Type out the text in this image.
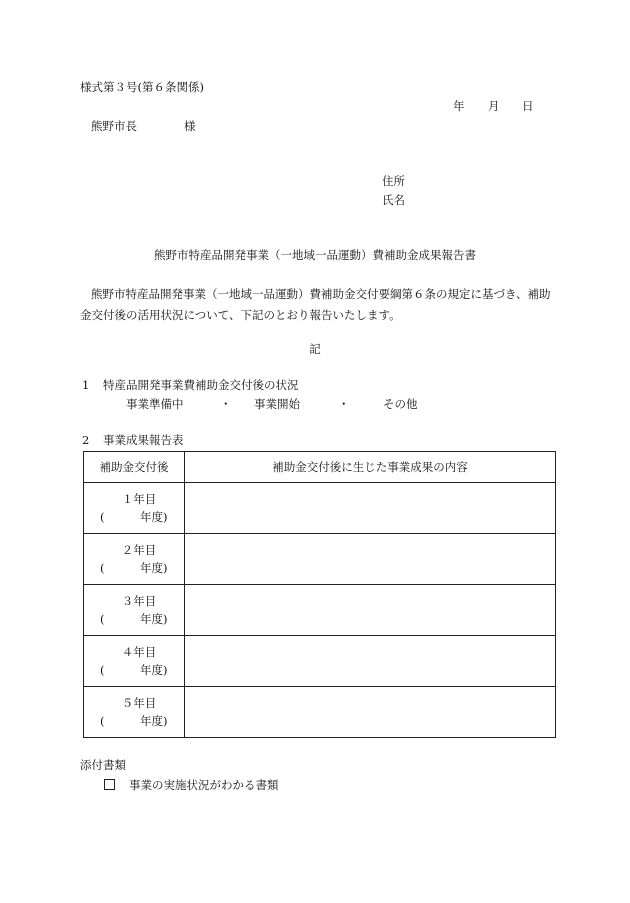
様式第３号(第６条関係)
年 月 日
熊野市長	様
住所
氏名
熊野市特産品開発事業（一地域一品運動）費補助金成果報告書
熊野市特産品開発事業（一地域一品運動）費補助金交付要綱第６条の規定に基づき、補助金交付後の活用状況について、下記のとおり報告いたします。
記
1 特産品開発事業費補助金交付後の状況
事業準備中	・ 事業開始	・	その他
2 事業成果報告表
補助金交付後	補助金交付後に生じた事業成果の内容

１年目
( 年度)	

２年目
( 年度)	

３年目
( 年度)	

４年目
( 年度)	

５年目
( 年度)	

添付書類
事業の実施状況がわかる書類
